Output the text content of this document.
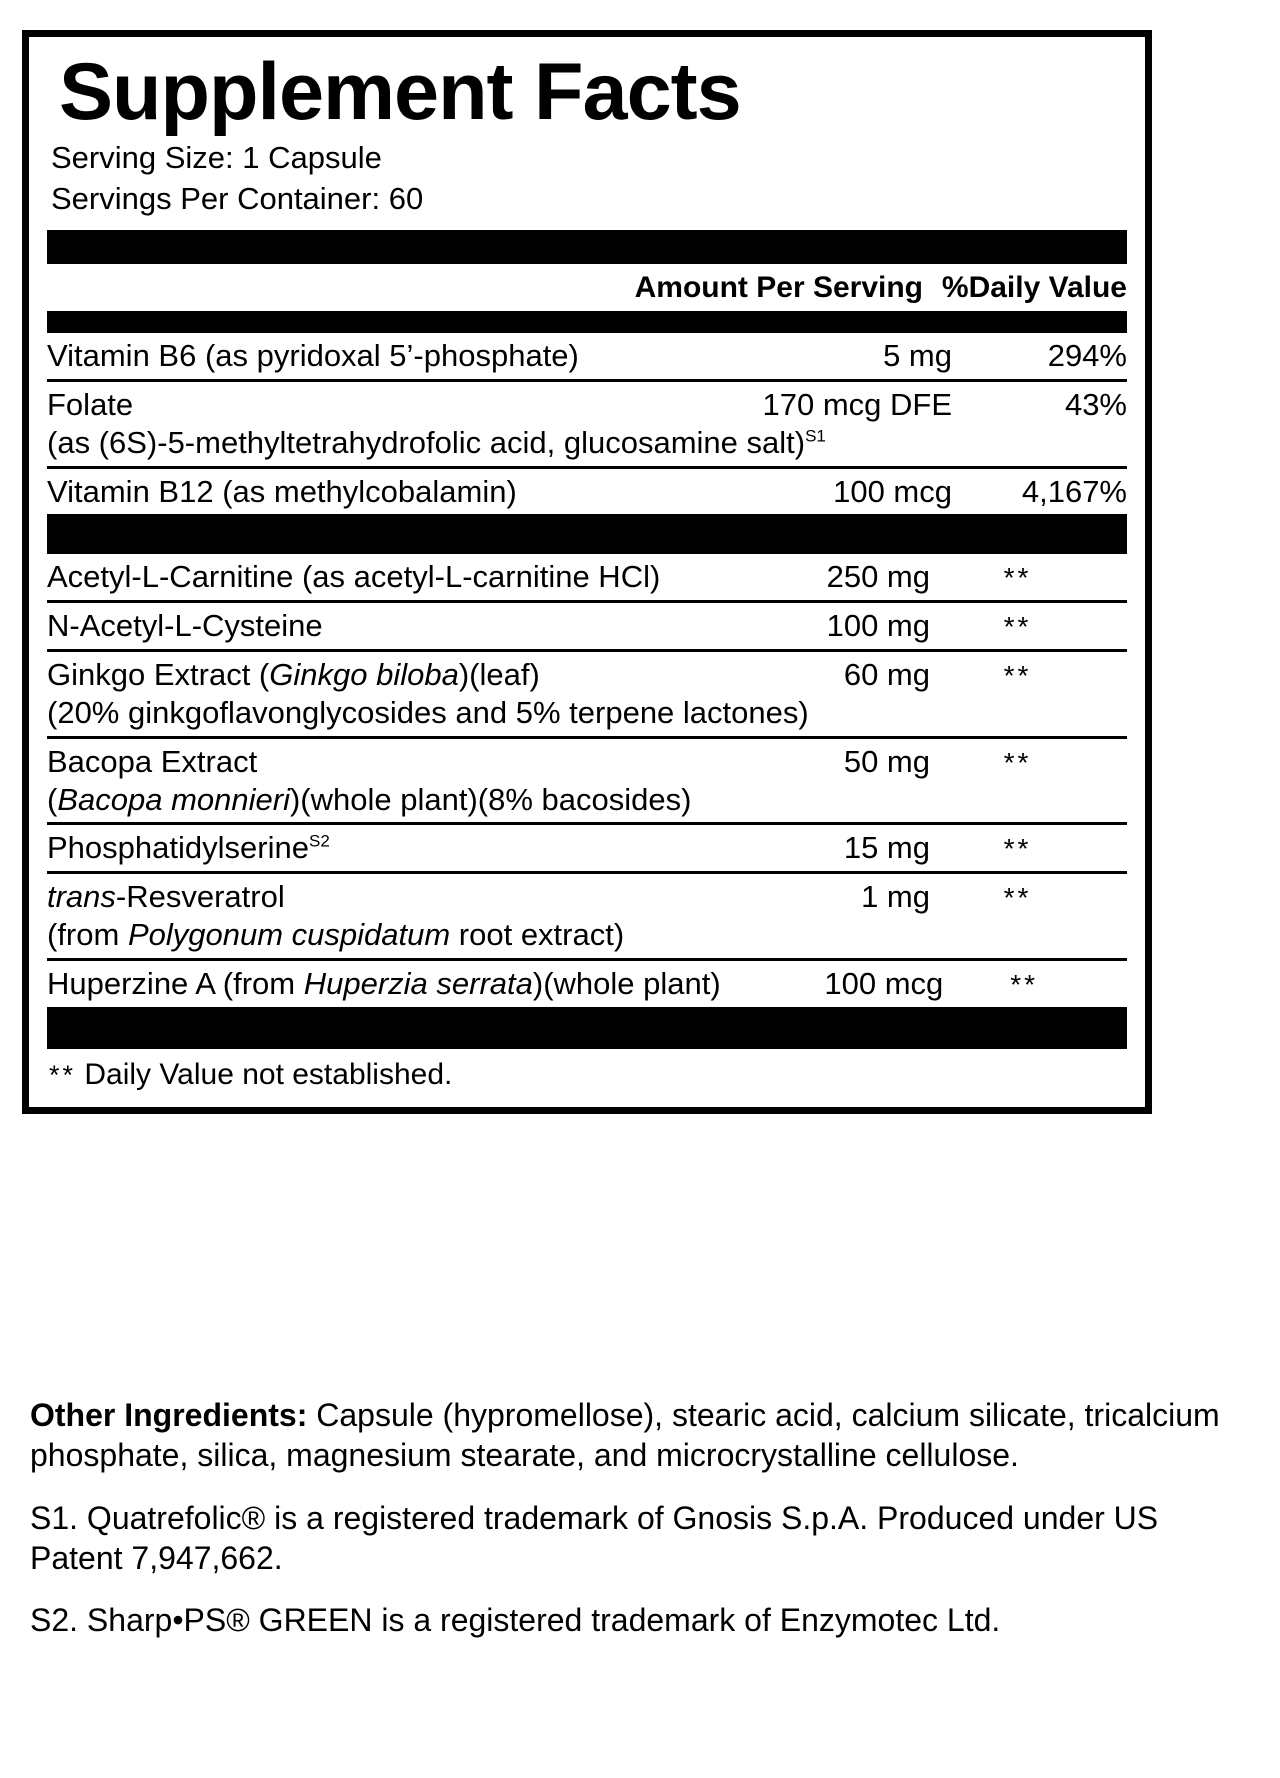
Supplement Facts
Serving Size: 1 Capsule
Servings Per Container: 60
Amount Per Serving %Daily Value
Vitamin B6 (as pyridoxal 5’-phosphate)	5 mg	294%
Folate	170 mcg DFE	43%
(as (6S)-5-methyltetrahydrofolic acid, glucosamine salt)$^{S1}$
Vitamin B12 (as methylcobalamin)	100 mcg	4,167%
Acetyl-L-Carnitine (as acetyl-L-carnitine HCl)	250 mg	**
N-Acetyl-L-Cysteine	100 mg	**
Ginkgo Extract (Ginkgo biloba)(leaf)	60 mg	**
(20% ginkgoflavonglycosides and 5% terpene lactones)
Bacopa Extract	50 mg	**
(Bacopa monnieri)(whole plant)(8% bacosides)
Phosphatidylserine$^{S2}$	15 mg	**
trans-Resveratrol	1 mg	**
(from Polygonum cuspidatum root extract)
Huperzine A (from Huperzia serrata)(whole plant)	100 mcg	**
** Daily Value not established.
Other Ingredients: Capsule (hypromellose), stearic acid, calcium silicate, tricalcium phosphate, silica, magnesium stearate, and microcrystalline cellulose.
S1. Quatrefolic® is a registered trademark of Gnosis S.p.A. Produced under US Patent 7,947,662.
S2. Sharp•PS® GREEN is a registered trademark of Enzymotec Ltd.
